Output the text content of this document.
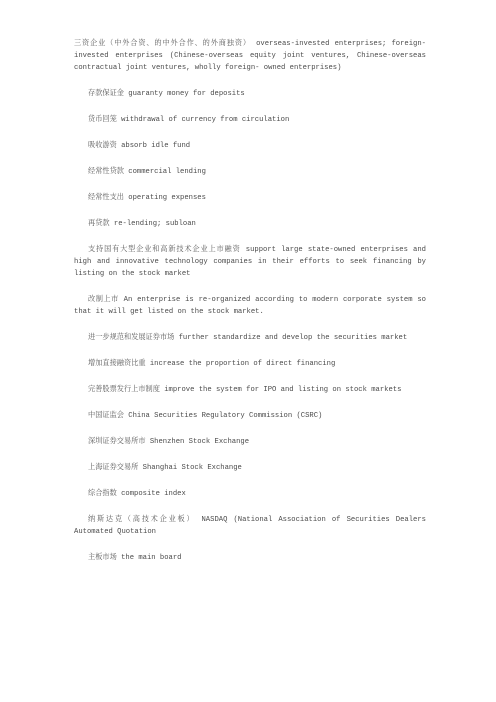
三资企业（中外合资、的中外合作、的外商独资） overseas-invested enterprises; foreign-invested enterprises (Chinese-overseas equity joint ventures, Chinese-overseas contractual joint ventures, wholly foreign- owned enterprises)

存款保证金 guaranty money for deposits

货币回笼 withdrawal of currency from circulation

吸收游资 absorb idle fund

经常性贷款 commercial lending

经常性支出 operating expenses

再贷款 re-lending; subloan

支持国有大型企业和高新技术企业上市融资 support large state-owned enterprises and high and innovative technology companies in their efforts to seek financing by listing on the stock market

改制上市 An enterprise is re-organized according to modern corporate system so that it will get listed on the stock market.

进一步规范和发展证券市场 further standardize and develop the securities market

增加直接融资比重 increase the proportion of direct financing

完善股票发行上市制度 improve the system for IPO and listing on stock markets

中国证监会 China Securities Regulatory Commission (CSRC)

深圳证券交易所市 Shenzhen Stock Exchange

上海证券交易所 Shanghai Stock Exchange

综合指数 composite index

纳斯达克（高技术企业板） NASDAQ (National Association of Securities Dealers Automated Quotation

主板市场 the main board
